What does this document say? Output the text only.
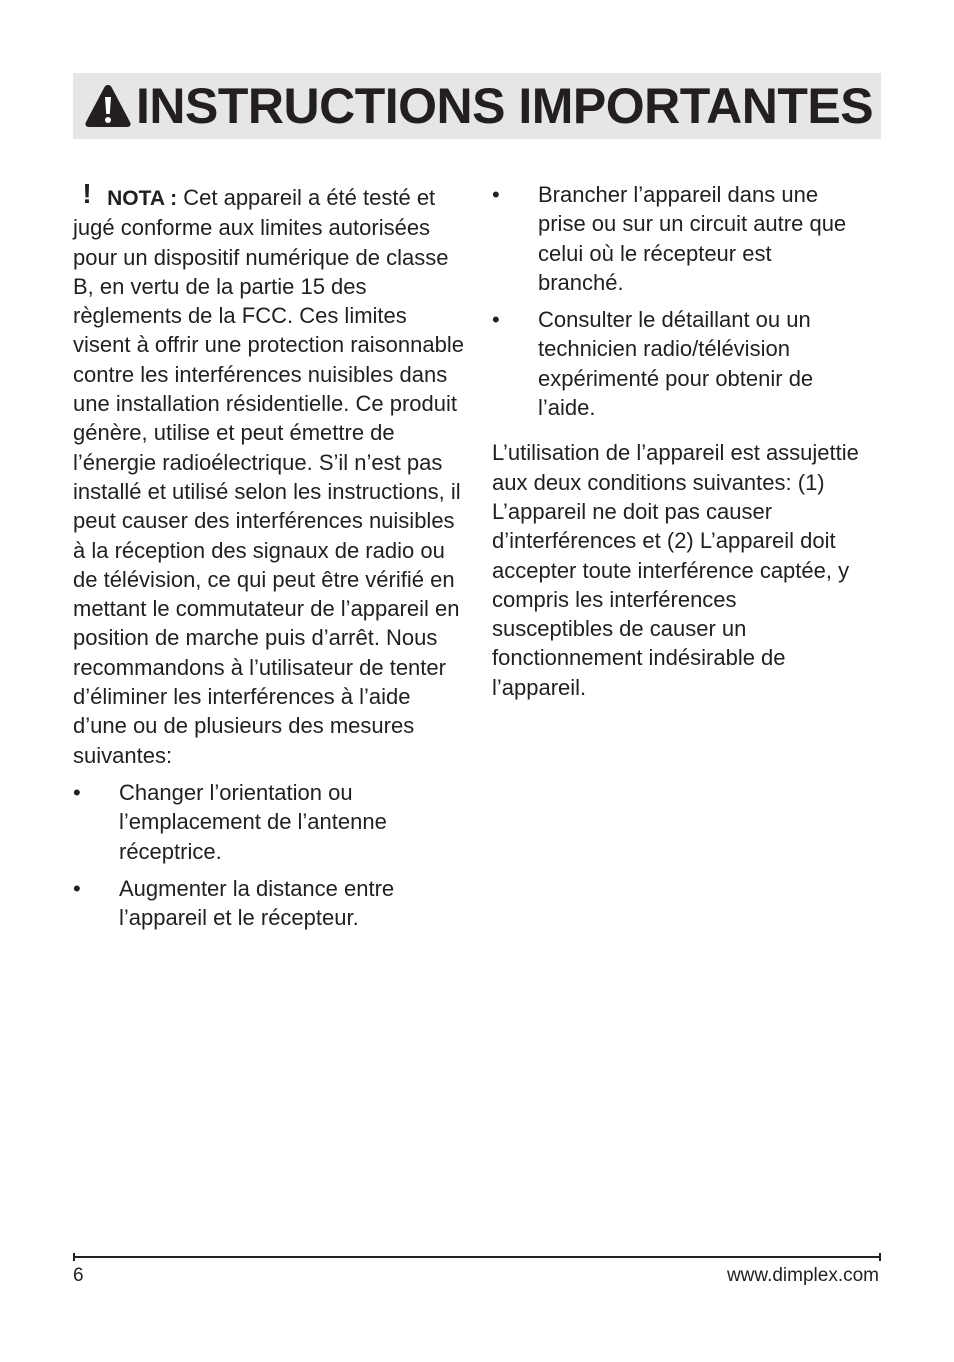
INSTRUCTIONS IMPORTANTES

! NOTA : Cet appareil a été testé et jugé conforme aux limites autorisées pour un dispositif numérique de classe B, en vertu de la partie 15 des règlements de la FCC. Ces limites visent à offrir une protection raisonnable contre les interférences nuisibles dans une installation résidentielle. Ce produit génère, utilise et peut émettre de l’énergie radioélectrique. S’il n’est pas installé et utilisé selon les instructions, il peut causer des interférences nuisibles à la réception des signaux de radio ou de télévision, ce qui peut être vérifié en mettant le commutateur de l’appareil en position de marche puis d’arrêt. Nous recommandons à l’utilisateur de tenter d’éliminer les interférences à l’aide d’une ou de plusieurs des mesures suivantes:

• Changer l’orientation ou l’emplacement de l’antenne réceptrice.
• Augmenter la distance entre l’appareil et le récepteur.
• Brancher l’appareil dans une prise ou sur un circuit autre que celui où le récepteur est branché.
• Consulter le détaillant ou un technicien radio/télévision expérimenté pour obtenir de l’aide.

L’utilisation de l’appareil est assujettie aux deux conditions suivantes: (1) L’appareil ne doit pas causer d’interférences et (2) L’appareil doit accepter toute interférence captée, y compris les interférences susceptibles de causer un fonctionnement indésirable de l’appareil.

6	www.dimplex.com
